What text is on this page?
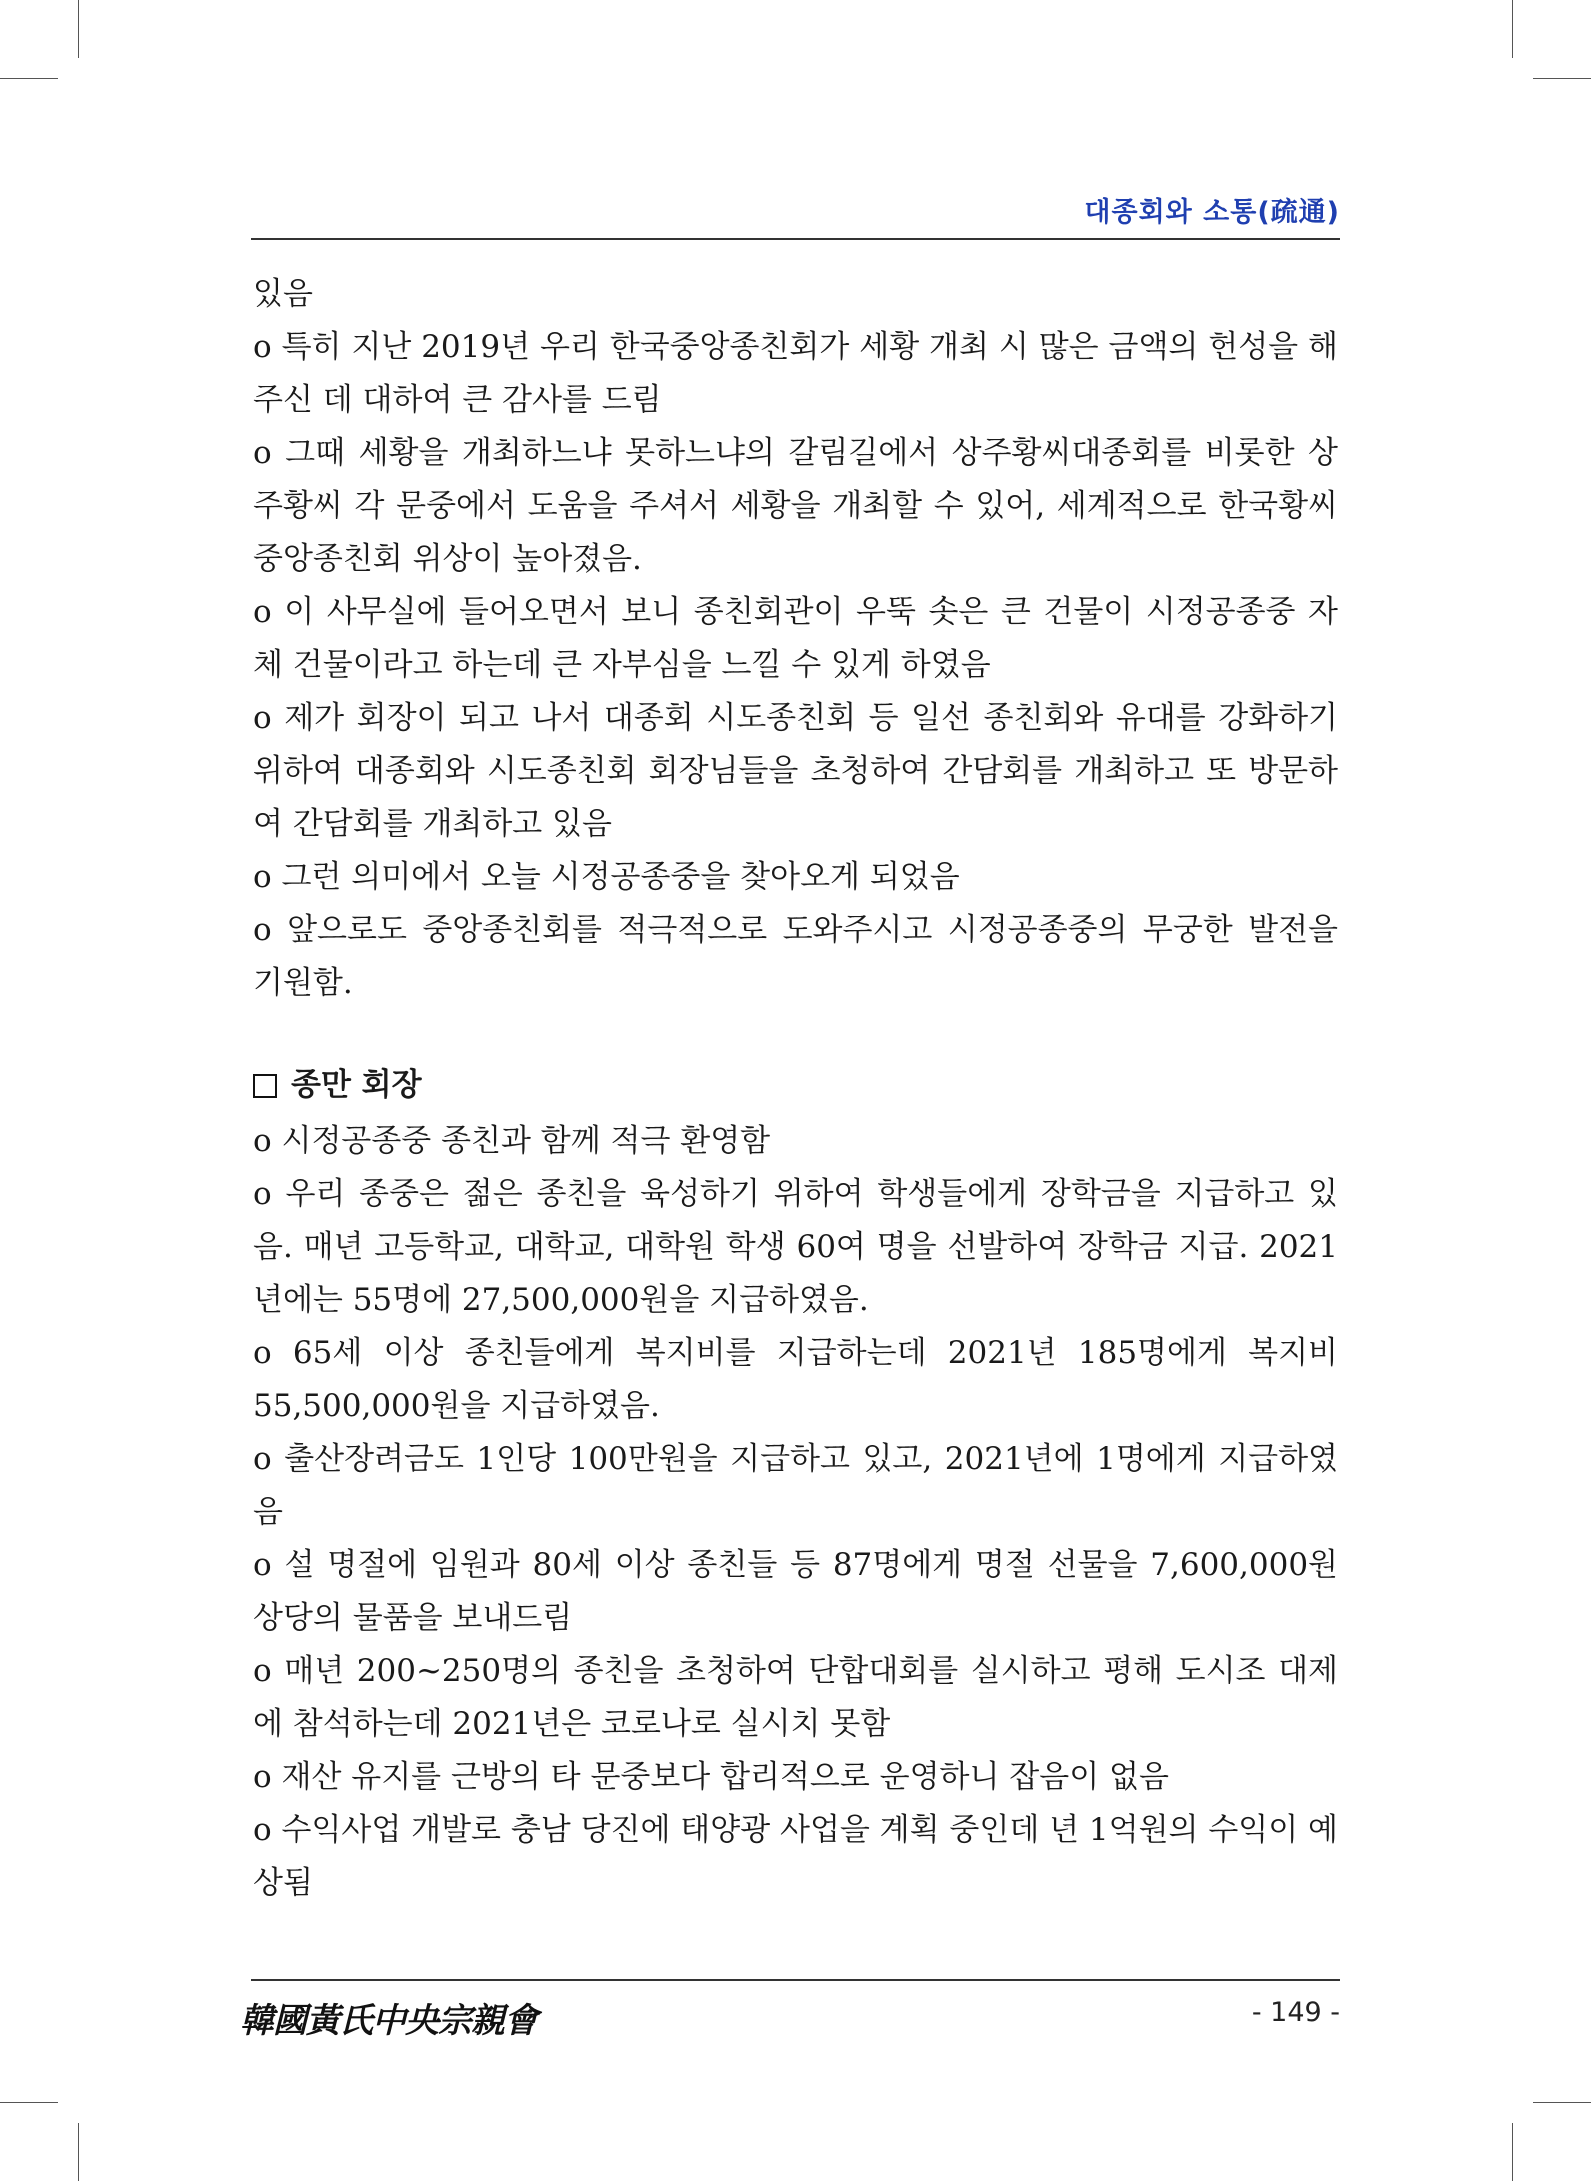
대종회와 소통(疏通)

있음

o 특히 지난 2019년 우리 한국중앙종친회가 세황 개최 시 많은 금액의 헌성을 해주신 데 대하여 큰 감사를 드림

o 그때 세황을 개최하느냐 못하느냐의 갈림길에서 상주황씨대종회를 비롯한 상주황씨 각 문중에서 도움을 주셔서 세황을 개최할 수 있어, 세계적으로 한국황씨중앙종친회 위상이 높아졌음.

o 이 사무실에 들어오면서 보니 종친회관이 우뚝 솟은 큰 건물이 시정공종중 자체 건물이라고 하는데 큰 자부심을 느낄 수 있게 하였음

o 제가 회장이 되고 나서 대종회 시도종친회 등 일선 종친회와 유대를 강화하기 위하여 대종회와 시도종친회 회장님들을 초청하여 간담회를 개최하고 또 방문하여 간담회를 개최하고 있음

o 그런 의미에서 오늘 시정공종중을 찾아오게 되었음

o 앞으로도 중앙종친회를 적극적으로 도와주시고 시정공종중의 무궁한 발전을 기원함.

종만 회장

o 시정공종중 종친과 함께 적극 환영함

o 우리 종중은 젊은 종친을 육성하기 위하여 학생들에게 장학금을 지급하고 있음. 매년 고등학교, 대학교, 대학원 학생 60여 명을 선발하여 장학금 지급. 2021년에는 55명에 27,500,000원을 지급하였음.

o 65세 이상 종친들에게 복지비를 지급하는데 2021년 185명에게 복지비 55,500,000원을 지급하였음.

o 출산장려금도 1인당 100만원을 지급하고 있고, 2021년에 1명에게 지급하였음

o 설 명절에 임원과 80세 이상 종친들 등 87명에게 명절 선물을 7,600,000원 상당의 물품을 보내드림

o 매년 200~250명의 종친을 초청하여 단합대회를 실시하고 평해 도시조 대제에 참석하는데 2021년은 코로나로 실시치 못함

o 재산 유지를 근방의 타 문중보다 합리적으로 운영하니 잡음이 없음

o 수익사업 개발로 충남 당진에 태양광 사업을 계획 중인데 년 1억원의 수익이 예상됨

韓國黃氏中央宗親會	- 149 -
